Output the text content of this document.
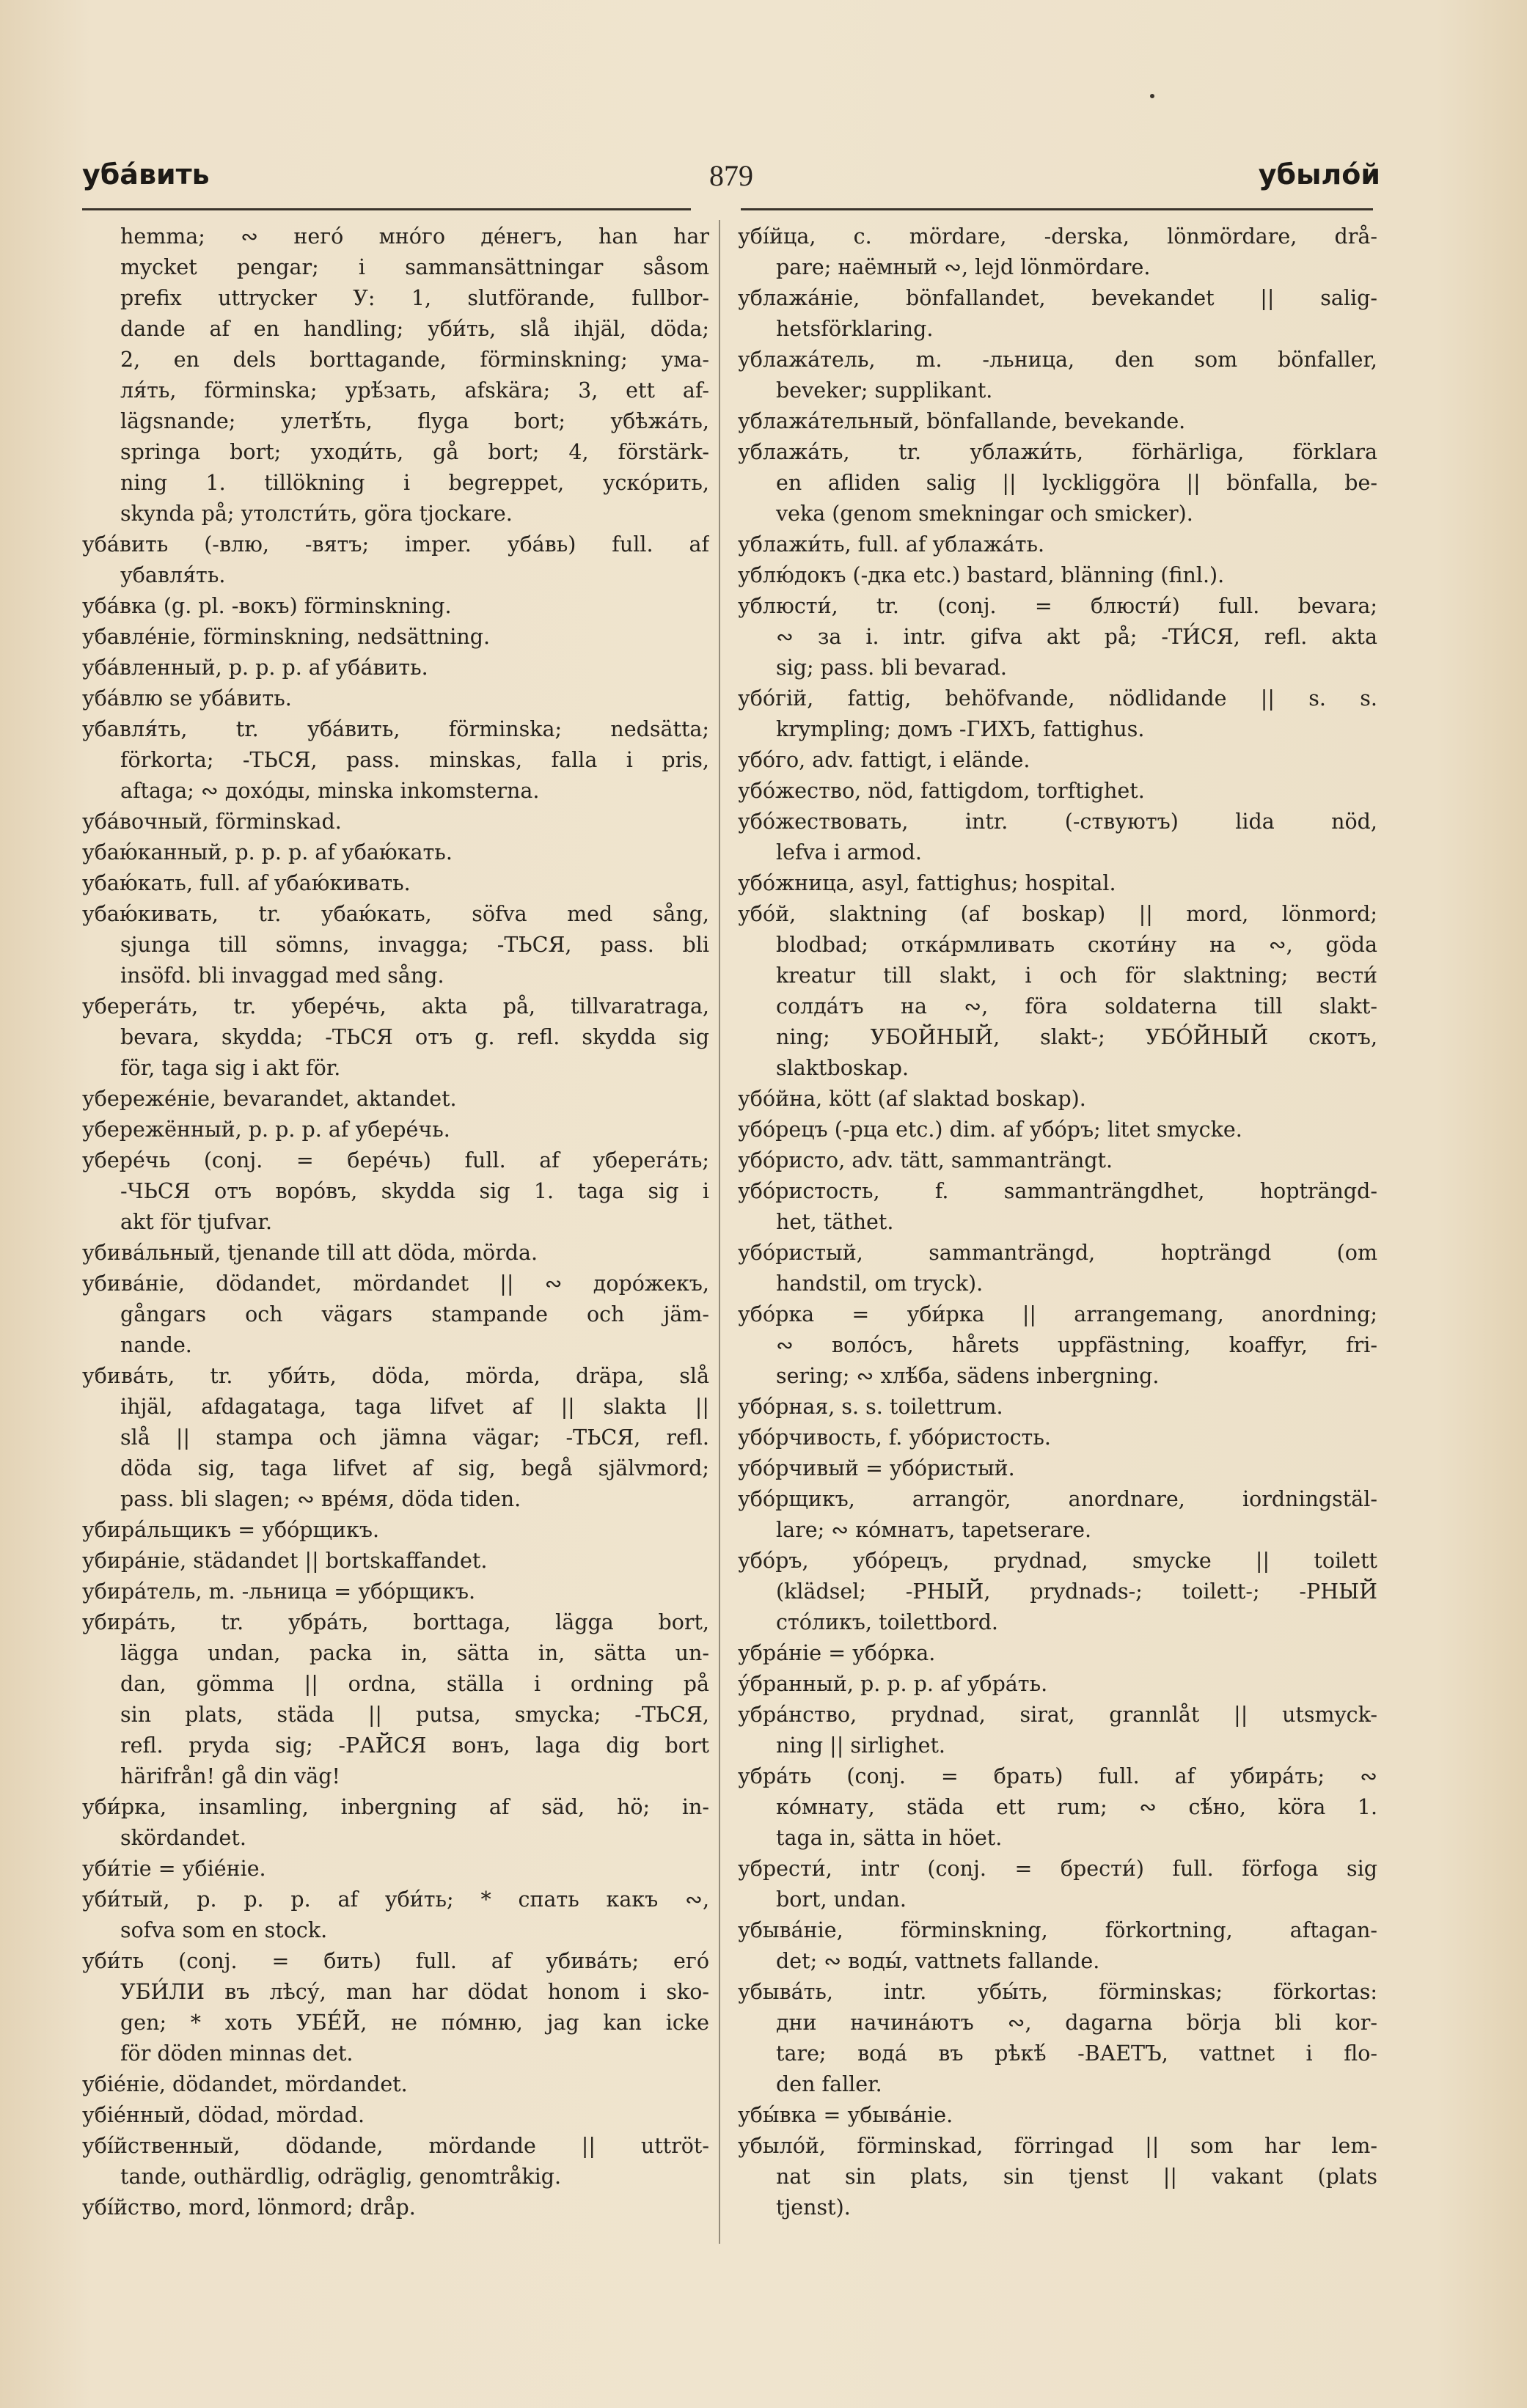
убáвить	879	убылóй
hemma; ∾ него́ мно́го де́негъ, han har
mycket pengar; i sammansättningar såsom
prefix uttrycker У: 1, slutförande, fullbor-
dande af en handling; уби́ть, slå ihjäl, döda;
2, en dels borttagande, förminskning; ума-
ля́ть, förminska; урѣ́зать, afskära; 3, ett af-
lägsnande; улетѣ́ть, flyga bort; убѣжа́ть,
springa bort; уходи́ть, gå bort; 4, förstärk-
ning 1. tillökning i begreppet, уско́рить,
skynda på; утолсти́ть, göra tjockare.
убáвить (-влю, -вятъ; imper. убáвь) full. af
убавля́ть.
убáвка (g. pl. -вокъ) förminskning.
убавлéніе, förminskning, nedsättning.
убáвленный, p. p. p. af убáвить.
убáвлю se убáвить.
убавля́ть, tr. убáвить, förminska; nedsätta;
förkorta; -ТЬСЯ, pass. minskas, falla i pris,
aftaga; ∾ дохо́ды, minska inkomsterna.
убáвочный, förminskad.
убаю́канный, p. p. p. af убаю́кать.
убаю́кать, full. af убаю́кивать.
убаю́кивать, tr. убаю́кать, söfva med sång,
sjunga till sömns, invagga; -ТЬСЯ, pass. bli
insöfd. bli invaggad med sång.
уберегáть, tr. уберéчь, akta på, tillvaratraga,
bevara, skydda; -ТЬСЯ отъ g. refl. skydda sig
för, taga sig i akt för.
убережéніе, bevarandet, aktandet.
убережённый, p. p. p. af уберéчь.
уберéчь (conj. = берéчь) full. af уберегáть;
-ЧЬСЯ отъ воро́въ, skydda sig 1. taga sig i
akt för tjufvar.
убивáльный, tjenande till att döda, mörda.
убивáніе, dödandet, mördandet || ∾ доро́жекъ,
gångars och vägars stampande och jäm-
nande.
убивáть, tr. уби́ть, döda, mörda, dräpa, slå
ihjäl, afdagataga, taga lifvet af || slakta ||
slå || stampa och jämna vägar; -ТЬСЯ, refl.
döda sig, taga lifvet af sig, begå självmord;
pass. bli slagen; ∾ врéмя, döda tiden.
убирáльщикъ = убо́рщикъ.
убирáніе, städandet || bortskaffandet.
убирáтель, m. -льница = убо́рщикъ.
убирáть, tr. убрáть, borttaga, lägga bort,
lägga undan, packa in, sätta in, sätta un-
dan, gömma || ordna, ställa i ordning på
sin plats, städa || putsa, smycka; -ТЬСЯ,
refl. pryda sig; -РАЙСЯ вонъ, laga dig bort
härifrån! gå din väg!
уби́рка, insamling, inbergning af säd, hö; in-
skördandet.
уби́тіе = убіéніе.
уби́тый, p. p. p. af уби́ть; * спать какъ ∾,
sofva som en stock.
уби́ть (conj. = бить) full. af убивáть; его́
УБИ́ЛИ въ лѣсу́, man har dödat honom i sko-
gen; * хоть УБЕ́Й, не по́мню, jag kan icke
för döden minnas det.
убіéніе, dödandet, mördandet.
убіéнный, dödad, mördad.
убíйственный, dödande, mördande || uttröt-
tande, outhärdlig, odräglig, genomtråkig.
убíйство, mord, lönmord; dråp.
убíйца, c. mördare, -derska, lönmördare, drå-
pare; наёмный ∾, lejd lönmördare.
ублажáніе, bönfallandet, bevekandet || salig-
hetsförklaring.
ублажáтель, m. -льница, den som bönfaller,
beveker; supplikant.
ублажáтельный, bönfallande, bevekande.
ублажáть, tr. ублажи́ть, förhärliga, förklara
en afliden salig || lyckliggöra || bönfalla, be-
veka (genom smekningar och smicker).
ублажи́ть, full. af ублажáть.
ублю́докъ (-дка etc.) bastard, blänning (finl.).
ублюсти́, tr. (conj. = блюсти́) full. bevara;
∾ за i. intr. gifva akt på; -ТИ́СЯ, refl. akta
sig; pass. bli bevarad.
убо́гій, fattig, behöfvande, nödlidande || s. s.
krympling; домъ -ГИХЪ, fattighus.
убо́го, adv. fattigt, i elände.
убо́жество, nöd, fattigdom, torftighet.
убо́жествовать, intr. (-ствуютъ) lida nöd,
lefva i armod.
убо́жница, asyl, fattighus; hospital.
убо́й, slaktning (af boskap) || mord, lönmord;
blodbad; откáрмливать скоти́ну на ∾, göda
kreatur till slakt, i och för slaktning; вести́
солдáтъ на ∾, föra soldaterna till slakt-
ning; УБОЙНЫЙ, slakt-; УБО́ЙНЫЙ скотъ,
slaktboskap.
убо́йна, kött (af slaktad boskap).
убо́рецъ (-рца etc.) dim. af убо́ръ; litet smycke.
убо́ристо, adv. tätt, sammanträngt.
убо́ристость, f. sammanträngdhet, hopträngd-
het, täthet.
убо́ристый, sammanträngd, hopträngd (om
handstil, om tryck).
убо́рка = уби́рка || arrangemang, anordning;
∾ воло́съ, hårets uppfästning, koaffyr, fri-
sering; ∾ хлѣ́ба, sädens inbergning.
убо́рная, s. s. toilettrum.
убо́рчивость, f. убо́ристость.
убо́рчивый = убо́ристый.
убо́рщикъ, arrangör, anordnare, iordningstäl-
lare; ∾ ко́мнатъ, tapetserare.
убо́ръ, убо́рецъ, prydnad, smycke || toilett
(klädsel; -РНЫЙ, prydnads-; toilett-; -РНЫЙ
сто́ликъ, toilettbord.
убрáніе = убо́рка.
у́бранный, p. p. p. af убрáть.
убрáнство, prydnad, sirat, grannlåt || utsmyck-
ning || sirlighet.
убрáть (conj. = брать) full. af убирáть; ∾
ко́мнату, städa ett rum; ∾ сѣ́но, köra 1.
taga in, sätta in höet.
убрести́, intr (conj. = брести́) full. förfoga sig
bort, undan.
убывáніе, förminskning, förkortning, aftagan-
det; ∾ воды́, vattnets fallande.
убывáть, intr. убы́ть, förminskas; förkortas:
дни начинáютъ ∾, dagarna börja bli kor-
tare; водá въ рѣкѣ́ -ВАЕТЪ, vattnet i flo-
den faller.
убы́вка = убывáніе.
убылóй, förminskad, förringad || som har lem-
nat sin plats, sin tjenst || vakant (plats
tjenst).
